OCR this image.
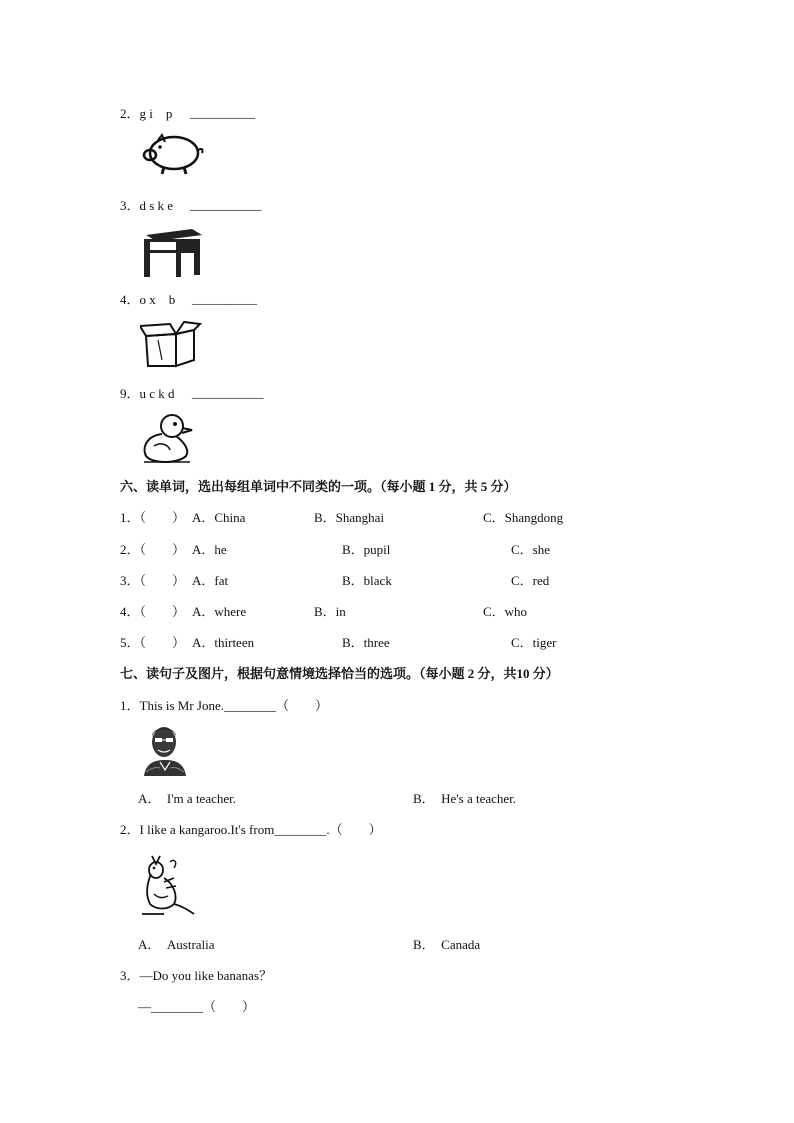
2．g i　p __________
3．d s k e ___________
4．o x　b __________
9．u c k d ___________
六、读单词，选出每组单词中不同类的一项。（每小题 1 分，共 5 分）
1．（　　） A．China	B．Shanghai	C．Shangdong
2．（　　） A．he	B．pupil	C．she
3．（　　） A．fat	B．black	C．red
4．（　　） A．where	B．in	C．who
5．（　　） A．thirteen	B．three	C．tiger
七、读句子及图片，根据句意情境选择恰当的选项。（每小题 2 分，共10 分）
1．This is Mr Jone.________（　　）
A．　I'm a teacher.	B．　He's a teacher.
2．I like a kangaroo.It's from________.（　　）
A．　Australia	B．　Canada
3．—Do you like bananas？
—________（　　）
